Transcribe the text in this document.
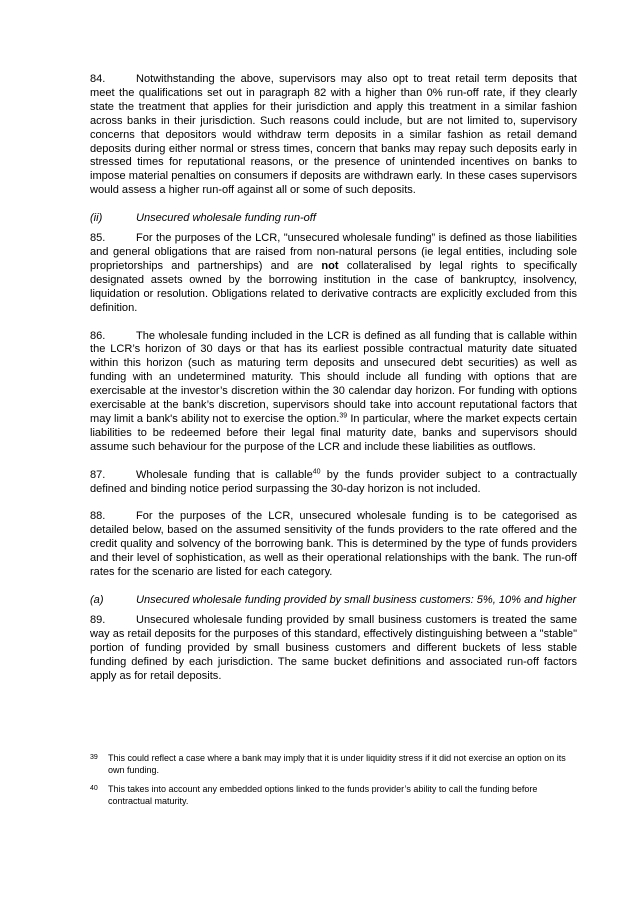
84.	Notwithstanding the above, supervisors may also opt to treat retail term deposits that meet the qualifications set out in paragraph 82 with a higher than 0% run-off rate, if they clearly state the treatment that applies for their jurisdiction and apply this treatment in a similar fashion across banks in their jurisdiction. Such reasons could include, but are not limited to, supervisory concerns that depositors would withdraw term deposits in a similar fashion as retail demand deposits during either normal or stress times, concern that banks may repay such deposits early in stressed times for reputational reasons, or the presence of unintended incentives on banks to impose material penalties on consumers if deposits are withdrawn early. In these cases supervisors would assess a higher run-off against all or some of such deposits.

(ii)	Unsecured wholesale funding run-off

85.	For the purposes of the LCR, "unsecured wholesale funding” is defined as those liabilities and general obligations that are raised from non-natural persons (ie legal entities, including sole proprietorships and partnerships) and are not collateralised by legal rights to specifically designated assets owned by the borrowing institution in the case of bankruptcy, insolvency, liquidation or resolution. Obligations related to derivative contracts are explicitly excluded from this definition.

86.	The wholesale funding included in the LCR is defined as all funding that is callable within the LCR’s horizon of 30 days or that has its earliest possible contractual maturity date situated within this horizon (such as maturing term deposits and unsecured debt securities) as well as funding with an undetermined maturity. This should include all funding with options that are exercisable at the investor’s discretion within the 30 calendar day horizon. For funding with options exercisable at the bank’s discretion, supervisors should take into account reputational factors that may limit a bank's ability not to exercise the option.$^{39}$ In particular, where the market expects certain liabilities to be redeemed before their legal final maturity date, banks and supervisors should assume such behaviour for the purpose of the LCR and include these liabilities as outflows.

87.	Wholesale funding that is callable$^{40}$ by the funds provider subject to a contractually defined and binding notice period surpassing the 30-day horizon is not included.

88.	For the purposes of the LCR, unsecured wholesale funding is to be categorised as detailed below, based on the assumed sensitivity of the funds providers to the rate offered and the credit quality and solvency of the borrowing bank. This is determined by the type of funds providers and their level of sophistication, as well as their operational relationships with the bank. The run-off rates for the scenario are listed for each category.

(a)	Unsecured wholesale funding provided by small business customers: 5%, 10% and higher

89.	Unsecured wholesale funding provided by small business customers is treated the same way as retail deposits for the purposes of this standard, effectively distinguishing between a "stable" portion of funding provided by small business customers and different buckets of less stable funding defined by each jurisdiction. The same bucket definitions and associated run-off factors apply as for retail deposits.

39	This could reflect a case where a bank may imply that it is under liquidity stress if it did not exercise an option on its own funding.
40	This takes into account any embedded options linked to the funds provider’s ability to call the funding before contractual maturity.
